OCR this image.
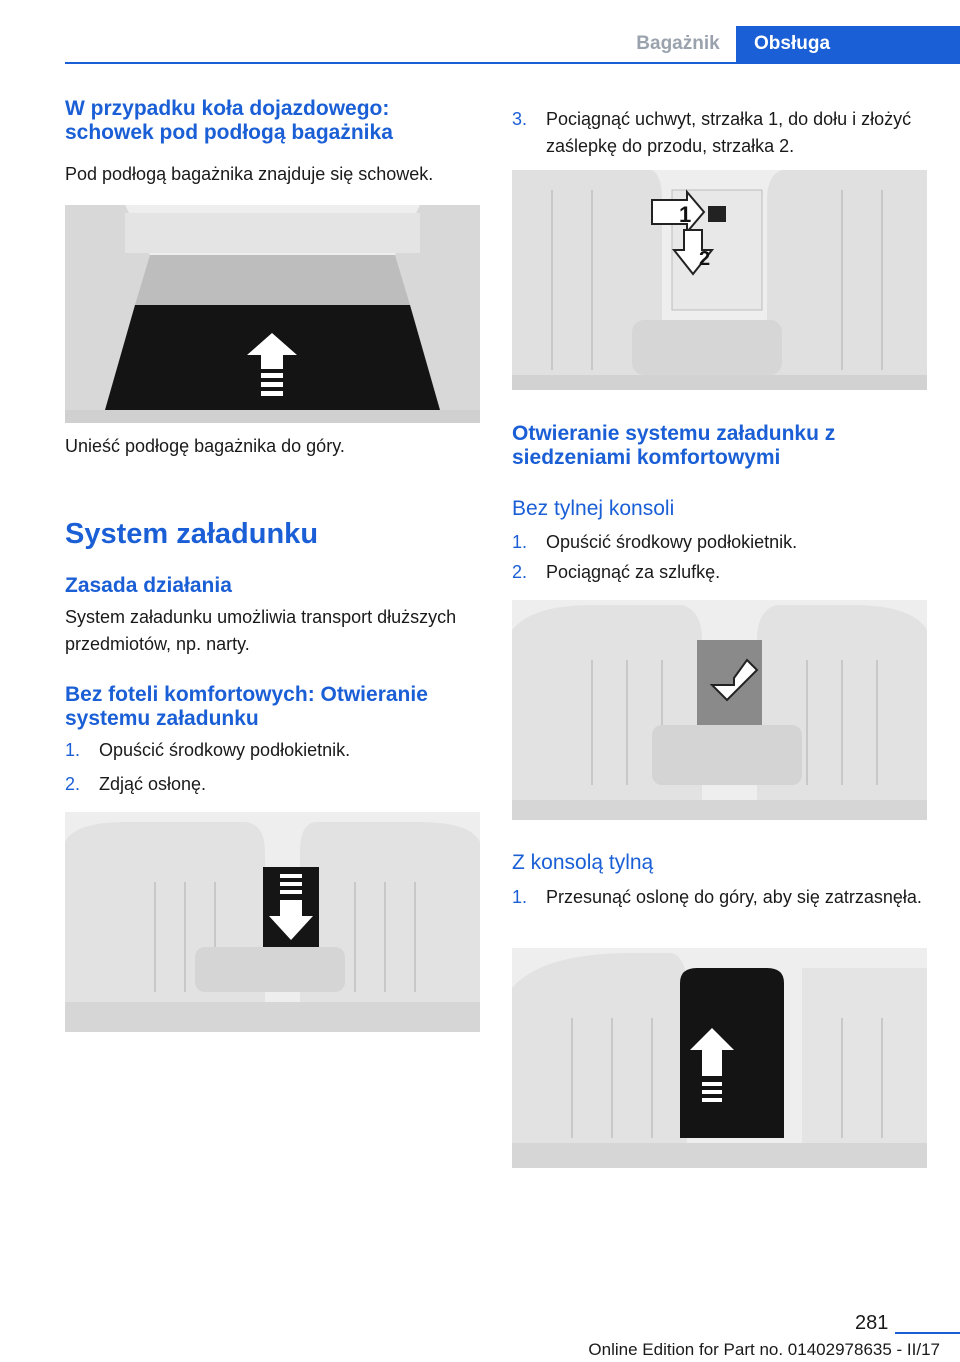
Bagażnik	Obsługa
W przypadku koła dojazdowego: schowek pod podłogą bagażnika
Pod podłogą bagażnika znajduje się schowek.
Unieść podłogę bagażnika do góry.
System załadunku
Zasada działania
System załadunku umożliwia transport dłuższych przedmiotów, np. narty.
Bez foteli komfortowych: Otwieranie systemu załadunku
1. Opuścić środkowy podłokietnik.
2. Zdjąć osłonę.
3. Pociągnąć uchwyt, strzałka 1, do dołu i złożyć zaślepkę do przodu, strzałka 2.
1
2
Otwieranie systemu załadunku z siedzeniami komfortowymi
Bez tylnej konsoli
1. Opuścić środkowy podłokietnik.
2. Pociągnąć za szlufkę.
Z konsolą tylną
1. Przesunąć oslonę do góry, aby się zatrzasnęła.
281
Online Edition for Part no. 01402978635 - II/17
